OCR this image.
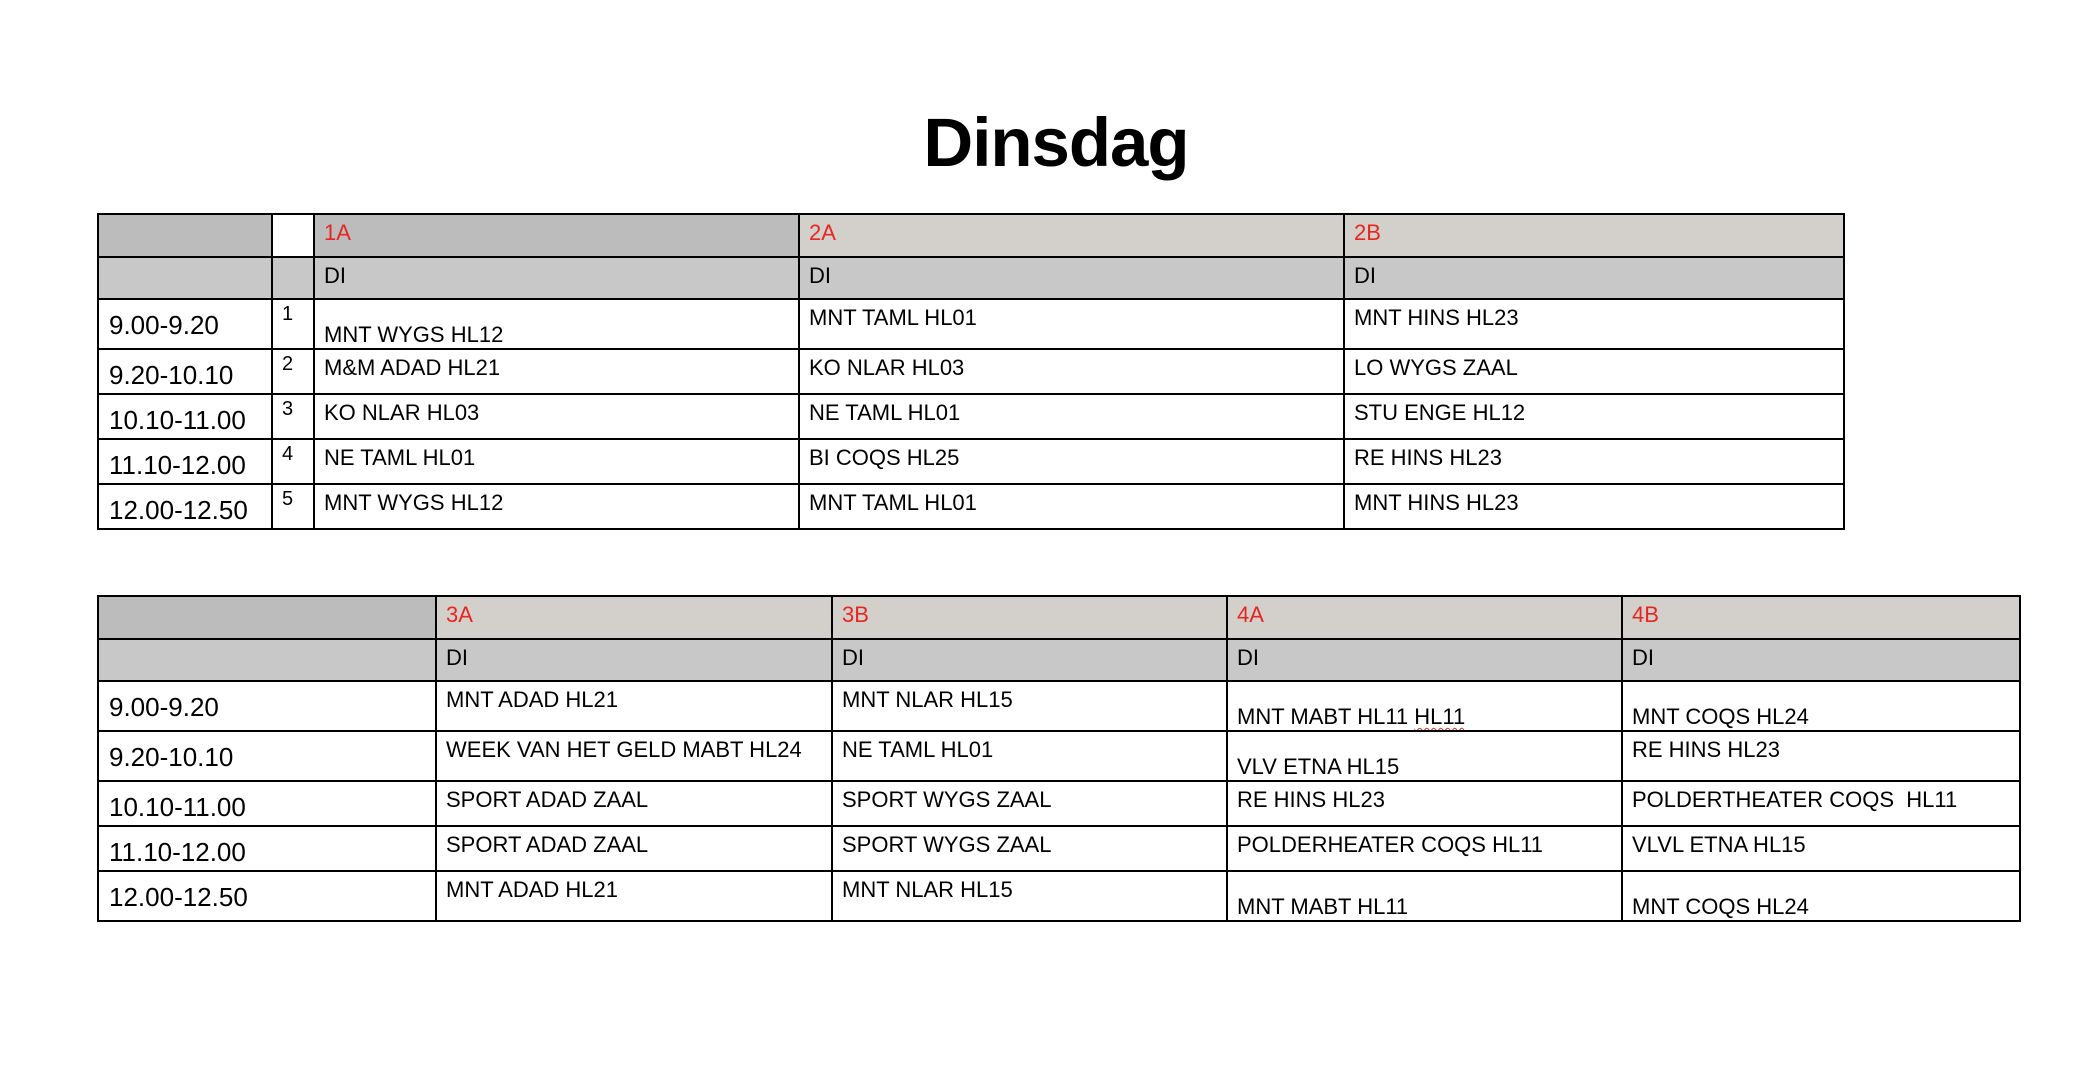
Dinsdag

		1A	2A	2B

		DI	DI	DI

9.00-9.20	1	MNT WYGS HL12	MNT TAML HL01	MNT HINS HL23

9.20-10.10	2	M&M ADAD HL21	KO NLAR HL03	LO WYGS ZAAL

10.10-11.00	3	KO NLAR HL03	NE TAML HL01	STU ENGE HL12

11.10-12.00	4	NE TAML HL01	BI COQS HL25	RE HINS HL23

12.00-12.50	5	MNT WYGS HL12	MNT TAML HL01	MNT HINS HL23

	3A	3B	4A	4B

	DI	DI	DI	DI

9.00-9.20	MNT ADAD HL21	MNT NLAR HL15	MNT MABT HL11 HL11	MNT COQS HL24

9.20-10.10	WEEK VAN HET GELD MABT HL24	NE TAML HL01	VLV ETNA HL15	RE HINS HL23

10.10-11.00	SPORT ADAD ZAAL	SPORT WYGS ZAAL	RE HINS HL23	POLDERTHEATER COQS  HL11

11.10-12.00	SPORT ADAD ZAAL	SPORT WYGS ZAAL	POLDERHEATER COQS HL11	VLVL ETNA HL15

12.00-12.50	MNT ADAD HL21	MNT NLAR HL15	MNT MABT HL11	MNT COQS HL24
